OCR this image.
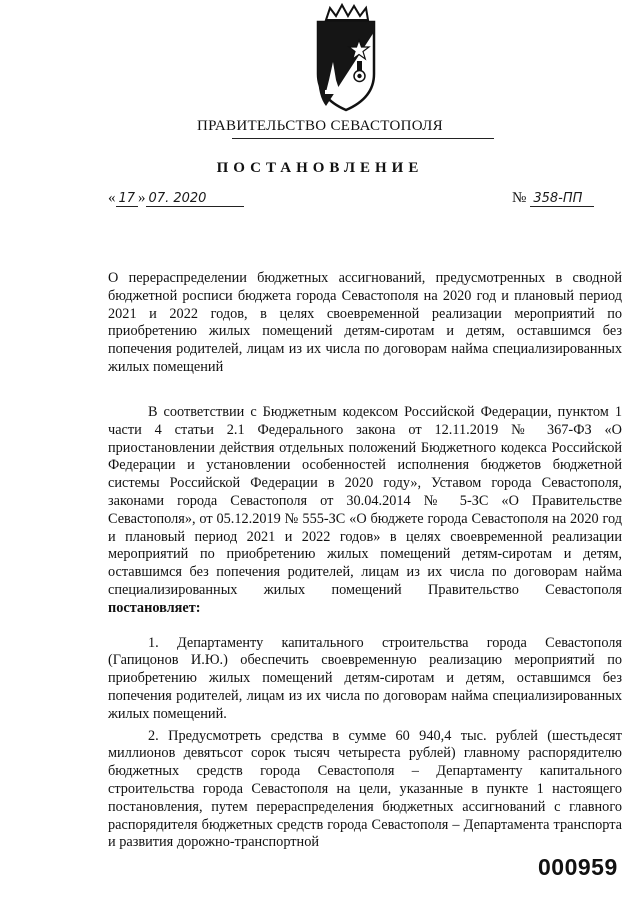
ПРАВИТЕЛЬСТВО СЕВАСТОПОЛЯ
ПОСТАНОВЛЕНИЕ
« 17 » 07. 2020	№ 358-ПП
О перераспределении бюджетных ассигнований, предусмотренных в сводной бюджетной росписи бюджета города Севастополя на 2020 год и плановый период 2021 и 2022 годов, в целях своевременной реализации мероприятий по приобретению жилых помещений детям-сиротам и детям, оставшимся без попечения родителей, лицам из их числа по договорам найма специализированных жилых помещений

В соответствии с Бюджетным кодексом Российской Федерации, пунктом 1 части 4 статьи 2.1 Федерального закона от 12.11.2019 № 367-ФЗ «О приостановлении действия отдельных положений Бюджетного кодекса Российской Федерации и установлении особенностей исполнения бюджетов бюджетной системы Российской Федерации в 2020 году», Уставом города Севастополя, законами города Севастополя от 30.04.2014 № 5-ЗС «О Правительстве Севастополя», от 05.12.2019 № 555-ЗС «О бюджете города Севастополя на 2020 год и плановый период 2021 и 2022 годов» в целях своевременной реализации мероприятий по приобретению жилых помещений детям-сиротам и детям, оставшимся без попечения родителей, лицам из их числа по договорам найма специализированных жилых помещений Правительство Севастополя постановляет:

1. Департаменту капитального строительства города Севастополя (Гапицонов И.Ю.) обеспечить своевременную реализацию мероприятий по приобретению жилых помещений детям-сиротам и детям, оставшимся без попечения родителей, лицам из их числа по договорам найма специализированных жилых помещений.

2. Предусмотреть средства в сумме 60 940,4 тыс. рублей (шестьдесят миллионов девятьсот сорок тысяч четыреста рублей) главному распорядителю бюджетных средств города Севастополя – Департаменту капитального строительства города Севастополя на цели, указанные в пункте 1 настоящего постановления, путем перераспределения бюджетных ассигнований с главного распорядителя бюджетных средств города Севастополя – Департамента транспорта и развития дорожно-транспортной

000959
